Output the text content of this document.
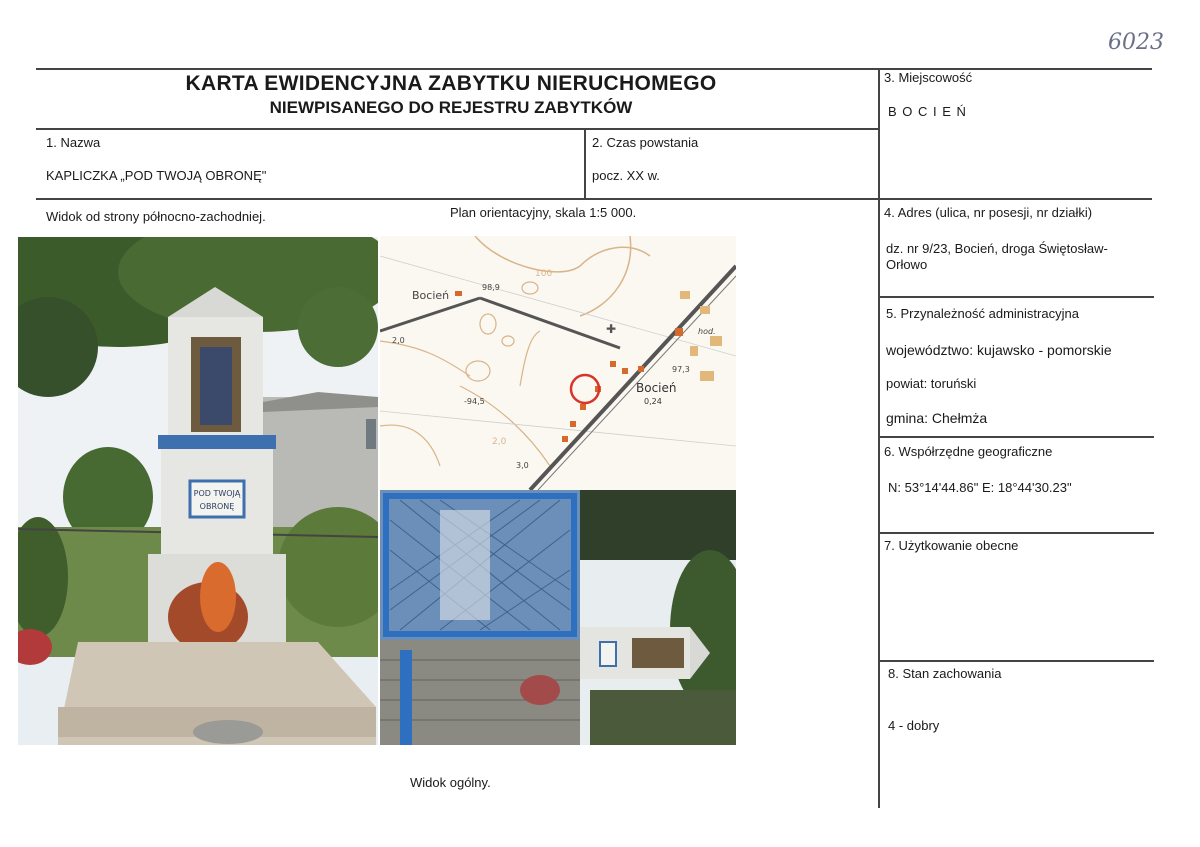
6023
KARTA EWIDENCYJNA ZABYTKU NIERUCHOMEGO
NIEWPISANEGO DO REJESTRU ZABYTKÓW
1. Nazwa
KAPLICZKA „POD TWOJĄ OBRONĘ"
2. Czas powstania
pocz. XX w.
3. Miejscowość
B O C I E Ń
4. Adres (ulica, nr posesji, nr działki)
dz. nr 9/23, Bocień, droga Świętosław-
Orłowo
5. Przynależność administracyjna
województwo: kujawsko - pomorskie
powiat: toruński
gmina: Chełmża
6. Współrzędne geograficzne
N: 53°14'44.86" E: 18°44'30.23"
7. Użytkowanie obecne
8. Stan zachowania
4 - dobry
Widok od strony północno-zachodniej.	Plan orientacyjny, skala 1:5 000.
Widok ogólny.
POD TWOJĄ
OBRONĘ
✚
Bocień
98,9
2,0
hod.
97,3
Bocień
0,24
-94,5
2,0
3,0
100
